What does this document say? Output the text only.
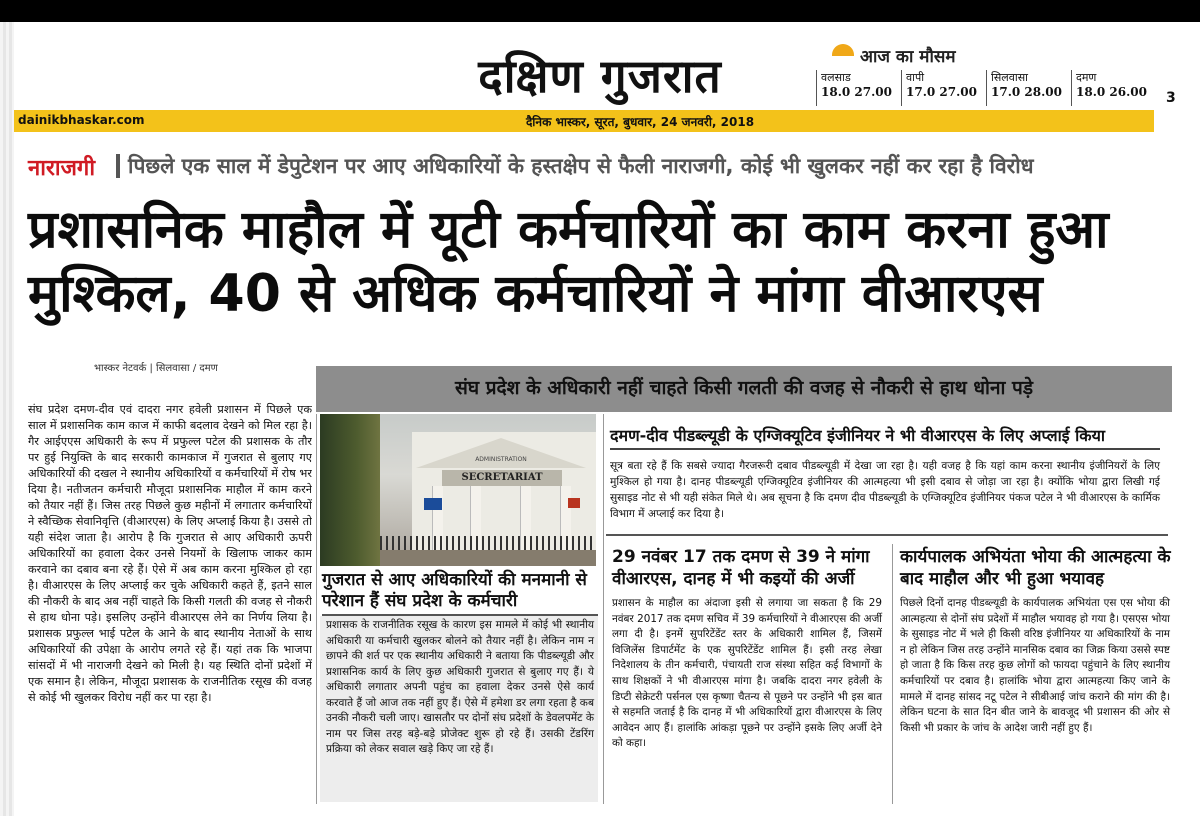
दक्षिण गुजरात
dainikbhaskar.com	दैनिक भास्कर, सूरत, बुधवार, 24 जनवरी, 2018
3
आज का मौसम
वलसाड
18.0 27.00
वापी
17.0 27.00
सिलवासा
17.0 28.00
दमण
18.0 26.00
नाराजगी पिछले एक साल में डेपुटेशन पर आए अधिकारियों के हस्तक्षेप से फैली नाराजगी, कोई भी खुलकर नहीं कर रहा है विरोध
प्रशासनिक माहौल में यूटी कर्मचारियों का काम करना हुआ
मुश्किल, 40 से अधिक कर्मचारियों ने मांगा वीआरएस
भास्कर नेटवर्क | सिलवासा / दमण
संघ प्रदेश के अधिकारी नहीं चाहते किसी गलती की वजह से नौकरी से हाथ धोना पड़े
संघ प्रदेश दमण-दीव एवं दादरा नगर हवेली प्रशासन में पिछले एक साल में प्रशासनिक काम काज में काफी बदलाव देखने को मिल रहा है। गैर आईएएस अधिकारी के रूप में प्रफुल्ल पटेल की प्रशासक के तौर पर हुई नियुक्ति के बाद सरकारी कामकाज में गुजरात से बुलाए गए अधिकारियों की दखल ने स्थानीय अधिकारियों व कर्मचारियों में रोष भर दिया है। नतीजतन कर्मचारी मौजूदा प्रशासनिक माहौल में काम करने को तैयार नहीं हैं। जिस तरह पिछले कुछ महीनों में लगातार कर्मचारियों ने स्वैच्छिक सेवानिवृत्ति (वीआरएस) के लिए अप्लाई किया है। उससे तो यही संदेश जाता है। आरोप है कि गुजरात से आए अधिकारी ऊपरी अधिकारियों का हवाला देकर उनसे नियमों के खिलाफ जाकर काम करवाने का दबाव बना रहे हैं। ऐसे में अब काम करना मुश्किल हो रहा है। वीआरएस के लिए अप्लाई कर चुके अधिकारी कहते हैं, इतने साल की नौकरी के बाद अब नहीं चाहते कि किसी गलती की वजह से नौकरी से हाथ धोना पड़े। इसलिए उन्होंने वीआरएस लेने का निर्णय लिया है। प्रशासक प्रफुल्ल भाई पटेल के आने के बाद स्थानीय नेताओं के साथ अधिकारियों की उपेक्षा के आरोप लगते रहे हैं। यहां तक कि भाजपा सांसदों में भी नाराजगी देखने को मिली है। यह स्थिति दोनों प्रदेशों में एक समान है। लेकिन, मौजूदा प्रशासक के राजनीतिक रसूख की वजह से कोई भी खुलकर विरोध नहीं कर पा रहा है।
ADMINISTRATION
SECRETARIAT
गुजरात से आए अधिकारियों की मनमानी से परेशान हैं संघ प्रदेश के कर्मचारी
प्रशासक के राजनीतिक रसूख के कारण इस मामले में कोई भी स्थानीय अधिकारी या कर्मचारी खुलकर बोलने को तैयार नहीं है। लेकिन नाम न छापने की शर्त पर एक स्थानीय अधिकारी ने बताया कि पीडब्ल्यूडी और प्रशासनिक कार्य के लिए कुछ अधिकारी गुजरात से बुलाए गए हैं। ये अधिकारी लगातार अपनी पहुंच का हवाला देकर उनसे ऐसे कार्य करवाते हैं जो आज तक नहीं हुए हैं। ऐसे में हमेशा डर लगा रहता है कब उनकी नौकरी चली जाए। खासतौर पर दोनों संघ प्रदेशों के डेवलपमेंट के नाम पर जिस तरह बड़े-बड़े प्रोजेक्ट शुरू हो रहे हैं। उसकी टेंडरिंग प्रक्रिया को लेकर सवाल खड़े किए जा रहे हैं।
दमण-दीव पीडब्ल्यूडी के एग्जिक्यूटिव इंजीनियर ने भी वीआरएस के लिए अप्लाई किया
सूत्र बता रहे हैं कि सबसे ज्यादा गैरजरूरी दबाव पीडब्ल्यूडी में देखा जा रहा है। यही वजह है कि यहां काम करना स्थानीय इंजीनियरों के लिए मुश्किल हो गया है। दानह पीडब्ल्यूडी एग्जिक्यूटिव इंजीनियर की आत्महत्या भी इसी दबाव से जोड़ा जा रहा है। क्योंकि भोया द्वारा लिखी गई सुसाइड नोट से भी यही संकेत मिले थे। अब सूचना है कि दमण दीव पीडब्ल्यूडी के एग्जिक्यूटिव इंजीनियर पंकज पटेल ने भी वीआरएस के कार्मिक विभाग में अप्लाई कर दिया है।
29 नवंबर 17 तक दमण से 39 ने मांगा वीआरएस, दानह में भी कइयों की अर्जी
प्रशासन के माहौल का अंदाजा इसी से लगाया जा सकता है कि 29 नवंबर 2017 तक दमण सचिव में 39 कर्मचारियों ने वीआरएस की अर्जी लगा दी है। इनमें सुपरिटेंडेंट स्तर के अधिकारी शामिल हैं, जिसमें विजिलेंस डिपार्टमेंट के एक सुपरिटेंडेंट शामिल हैं। इसी तरह लेखा निदेशालय के तीन कर्मचारी, पंचायती राज संस्था सहित कई विभागों के साथ शिक्षकों ने भी वीआरएस मांगा है। जबकि दादरा नगर हवेली के डिप्टी सेक्रेटरी पर्सनल एस कृष्णा चैतन्य से पूछने पर उन्होंने भी इस बात से सहमति जताई है कि दानह में भी अधिकारियों द्वारा वीआरएस के लिए आवेदन आए हैं। हालांकि आंकड़ा पूछने पर उन्होंने इसके लिए अर्जी देने को कहा।
कार्यपालक अभियंता भोया की आत्महत्या के बाद माहौल और भी हुआ भयावह
पिछले दिनों दानह पीडब्ल्यूडी के कार्यपालक अभियंता एस एस भोया की आत्महत्या से दोनों संघ प्रदेशों में माहौल भयावह हो गया है। एसएस भोया के सुसाइड नोट में भले ही किसी वरिष्ठ इंजीनियर या अधिकारियों के नाम न हो लेकिन जिस तरह उन्होंने मानसिक दबाव का जिक्र किया उससे स्पष्ट हो जाता है कि किस तरह कुछ लोगों को फायदा पहुंचाने के लिए स्थानीय कर्मचारियों पर दबाव है। हालांकि भोया द्वारा आत्महत्या किए जाने के मामले में दानह सांसद नटू पटेल ने सीबीआई जांच कराने की मांग की है। लेकिन घटना के सात दिन बीत जाने के बावजूद भी प्रशासन की ओर से किसी भी प्रकार के जांच के आदेश जारी नहीं हुए हैं।
